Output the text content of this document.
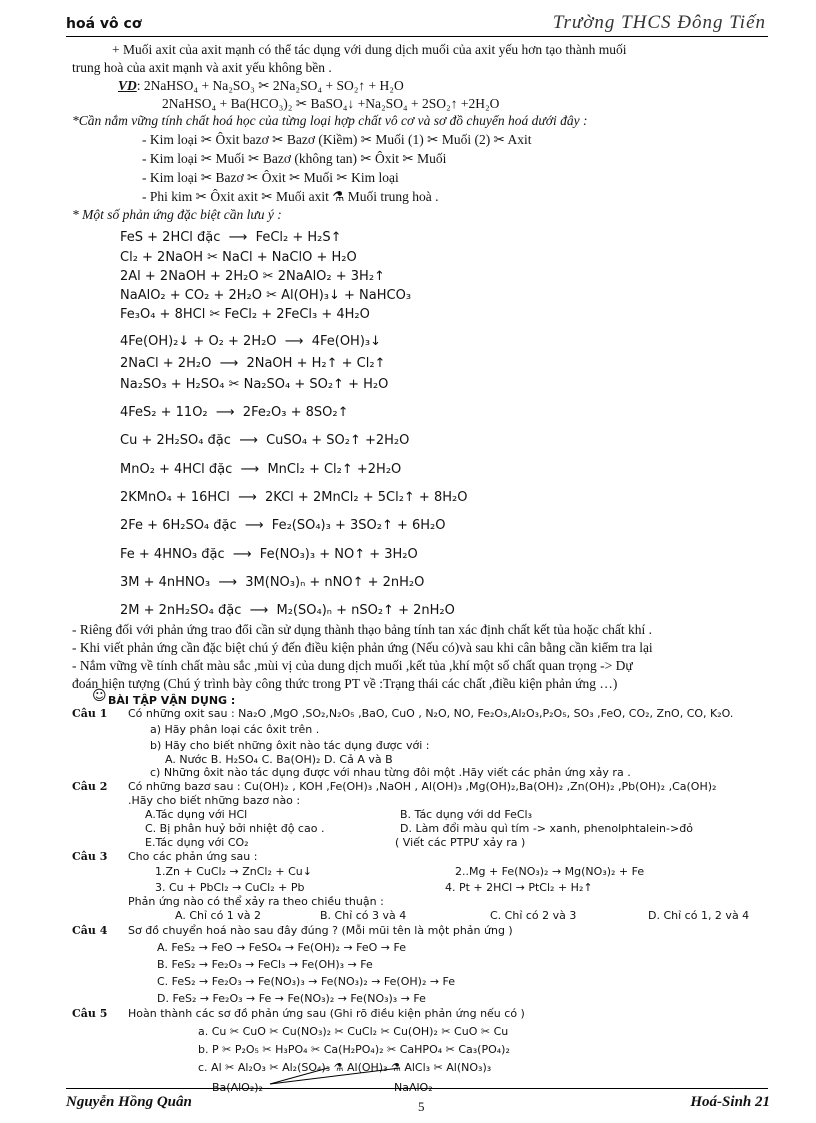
hoá vô cơ	Trường THCS Đông Tiến
+ Muối axit của axit mạnh có thể tác dụng với dung dịch muối của axit yếu hơn tạo thành muối
trung hoà của axit mạnh và axit yếu không bền .
VD: 2NaHSO₄ + Na₂SO₃ ✂ 2Na₂SO₄ + SO₂↑ + H₂O
2NaHSO₄ + Ba(HCO₃)₂ ✂ BaSO₄↓ +Na₂SO₄ + 2SO₂↑ +2H₂O
*Cần nắm vững tính chất hoá học của từng loại hợp chất vô cơ và sơ đồ chuyển hoá dưới đây :
- Kim loại ✂ Ôxit bazơ ✂ Bazơ (Kiềm) ✂ Muối (1) ✂ Muối (2) ✂ Axit
- Kim loại ✂ Muối ✂ Bazơ (không tan) ✂ Ôxit ✂ Muối
- Kim loại ✂ Bazơ ✂ Ôxit ✂ Muối ✂ Kim loại
- Phi kim ✂ Ôxit axit ✂ Muối axit ⚗ Muối trung hoà .
* Một số phản ứng đặc biệt cần lưu ý :
FeS + 2HCl đặc  ⟶  FeCl₂ + H₂S↑
Cl₂ + 2NaOH ✂ NaCl + NaClO + H₂O
2Al + 2NaOH + 2H₂O ✂ 2NaAlO₂ + 3H₂↑
NaAlO₂ + CO₂ + 2H₂O ✂ Al(OH)₃↓ + NaHCO₃
Fe₃O₄ + 8HCl ✂ FeCl₂ + 2FeCl₃ + 4H₂O
4Fe(OH)₂↓ + O₂ + 2H₂O  ⟶  4Fe(OH)₃↓
2NaCl + 2H₂O  ⟶  2NaOH + H₂↑ + Cl₂↑
Na₂SO₃ + H₂SO₄ ✂ Na₂SO₄ + SO₂↑ + H₂O
4FeS₂ + 11O₂  ⟶  2Fe₂O₃ + 8SO₂↑
Cu + 2H₂SO₄ đặc  ⟶  CuSO₄ + SO₂↑ +2H₂O
MnO₂ + 4HCl đặc  ⟶  MnCl₂ + Cl₂↑ +2H₂O
2KMnO₄ + 16HCl  ⟶  2KCl + 2MnCl₂ + 5Cl₂↑ + 8H₂O
2Fe + 6H₂SO₄ đặc  ⟶  Fe₂(SO₄)₃ + 3SO₂↑ + 6H₂O
Fe + 4HNO₃ đặc  ⟶  Fe(NO₃)₃ + NO↑ + 3H₂O
3M + 4nHNO₃  ⟶  3M(NO₃)ₙ + nNO↑ + 2nH₂O
2M + 2nH₂SO₄ đặc  ⟶  M₂(SO₄)ₙ + nSO₂↑ + 2nH₂O
- Riêng đối với phản ứng trao đổi cần sử dụng thành thạo bảng tính tan xác định chất kết tủa hoặc chất khí .
- Khi viết phản ứng cần đặc biệt chú ý đến điều kiện phản ứng (Nếu có)và sau khi cân bằng cần kiểm tra lại
- Nắm vững về tính chất màu sắc ,mùi vị của dung dịch muối ,kết tủa ,khí một số chất quan trọng -> Dự
đoán hiện tượng (Chú ý trình bày công thức trong PT về :Trạng thái các chất ,điều kiện phản ứng …)
☺ BÀI TẬP VẬN DỤNG :
Câu 1 Có những oxit sau : Na₂O ,MgO ,SO₂,N₂O₅ ,BaO, CuO , N₂O, NO, Fe₂O₃,Al₂O₃,P₂O₅, SO₃ ,FeO, CO₂, ZnO, CO, K₂O.
a) Hãy phân loại các ôxit trên .
b) Hãy cho biết những ôxit nào tác dụng được với :
A. Nước B. H₂SO₄ C. Ba(OH)₂ D. Cả A và B
c) Những ôxit nào tác dụng được với nhau từng đôi một .Hãy viết các phản ứng xảy ra .
Câu 2 Có những bazơ sau : Cu(OH)₂ , KOH ,Fe(OH)₃ ,NaOH , Al(OH)₃ ,Mg(OH)₂,Ba(OH)₂ ,Zn(OH)₂ ,Pb(OH)₂ ,Ca(OH)₂
.Hãy cho biết những bazơ nào :
A.Tác dụng với HCl	B. Tác dụng với dd FeCl₃
C. Bị phân huỷ bởi nhiệt độ cao .	D. Làm đổi màu quì tím -> xanh, phenolphtalein->đỏ
E.Tác dụng với CO₂	( Viết các PTPƯ xảy ra )
Câu 3 Cho các phản ứng sau :
1.Zn + CuCl₂ → ZnCl₂ + Cu↓	2..Mg + Fe(NO₃)₂ → Mg(NO₃)₂ + Fe
3. Cu + PbCl₂ → CuCl₂ + Pb	4. Pt + 2HCl → PtCl₂ + H₂↑
Phản ứng nào có thể xảy ra theo chiều thuận :
A. Chỉ có 1 và 2	B. Chỉ có 3 và 4	C. Chỉ có 2 và 3	D. Chỉ có 1, 2 và 4
Câu 4 Sơ đồ chuyển hoá nào sau đây đúng ? (Mỗi mũi tên là một phản ứng )
A. FeS₂ → FeO → FeSO₄ → Fe(OH)₂ → FeO → Fe
B. FeS₂ → Fe₂O₃ → FeCl₃ → Fe(OH)₃ → Fe
C. FeS₂ → Fe₂O₃ → Fe(NO₃)₃ → Fe(NO₃)₂ → Fe(OH)₂ → Fe
D. FeS₂ → Fe₂O₃ → Fe → Fe(NO₃)₂ → Fe(NO₃)₃ → Fe
Câu 5 Hoàn thành các sơ đồ phản ứng sau (Ghi rõ điều kiện phản ứng nếu có )
a. Cu ✂ CuO ✂ Cu(NO₃)₂ ✂ CuCl₂ ✂ Cu(OH)₂ ✂ CuO ✂ Cu
b. P ✂ P₂O₅ ✂ H₃PO₄ ✂ Ca(H₂PO₄)₂ ✂ CaHPO₄ ✂ Ca₃(PO₄)₂
c. Al ✂ Al₂O₃ ✂ Al₂(SO₄)₃ ⚗ Al(OH)₃ ⚗ AlCl₃ ✂ Al(NO₃)₃
Ba(AlO₂)₂	NaAlO₂
Nguyễn Hồng Quân	5	Hoá-Sinh 21
